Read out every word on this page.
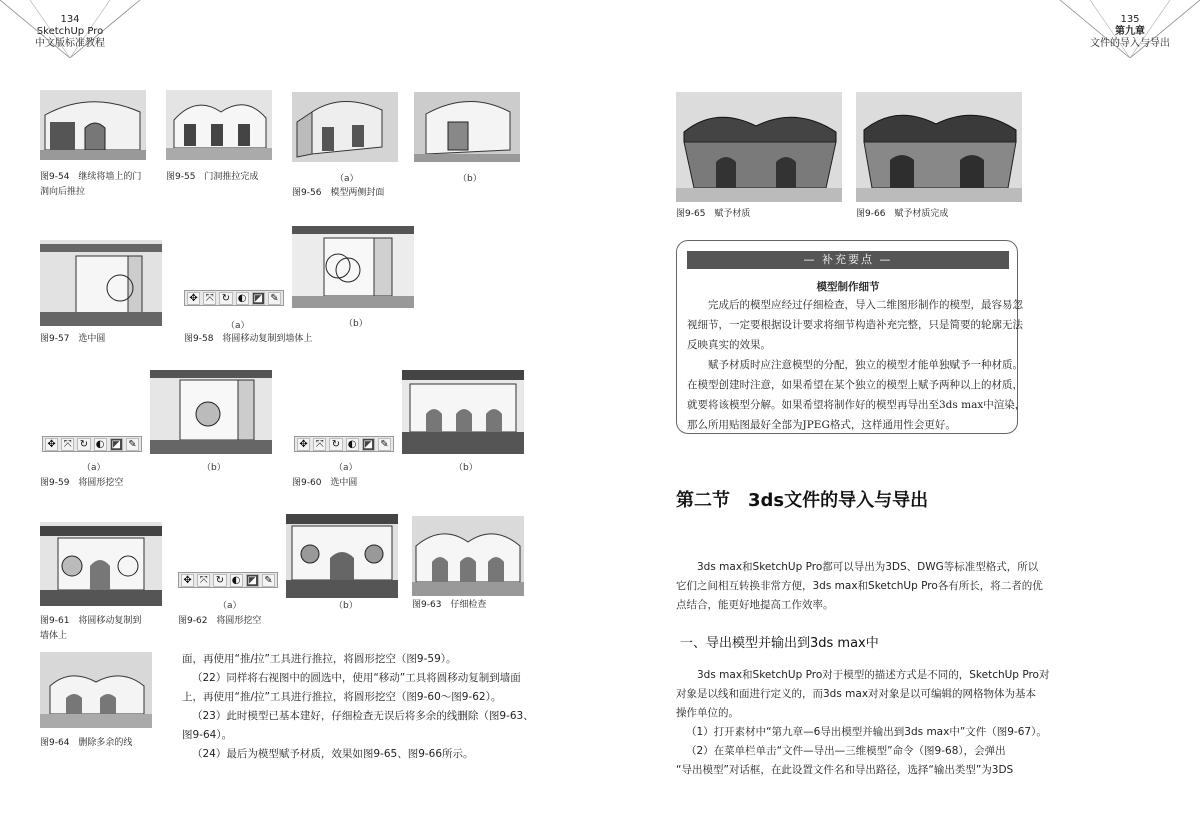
134
SketchUp Pro
中文版标准教程
135
第九章
文件的导入与导出
图9-54　继续将墙上的门
洞向后推拉
图9-55　门洞推拉完成	（a）	（b）
图9-56　模型两侧封面
图9-57　选中圆
✥ ⤧ ↻ ◐ ◪ ✎
（a）	（b）
图9-58　将圆移动复制到墙体上
✥ ⤧ ↻ ◐ ◪ ✎
（a）	（b）
图9-59　将圆形挖空
✥ ⤧ ↻ ◐ ◪ ✎
（a）	（b）
图9-60　选中圆
图9-61　将圆移动复制到
墙体上
✥ ⤧ ↻ ◐ ◪ ✎
（a）	（b）
图9-62　将圆形挖空
图9-63　仔细检查
图9-64　删除多余的线
面，再使用“推/拉”工具进行推拉，将圆形挖空（图9-59）。
（22）同样将右视图中的圆选中，使用“移动”工具将圆移动复制到墙面
上，再使用“推/拉”工具进行推拉，将圆形挖空（图9-60～图9-62）。
（23）此时模型已基本建好，仔细检查无误后将多余的线删除（图9-63、
图9-64）。
（24）最后为模型赋予材质，效果如图9-65、图9-66所示。
图9-65　赋予材质	图9-66　赋予材质完成
— 补充要点 —
模型制作细节
完成后的模型应经过仔细检查，导入二维图形制作的模型，最容易忽
视细节，一定要根据设计要求将细节构造补充完整，只是简要的轮廓无法
反映真实的效果。
赋予材质时应注意模型的分配，独立的模型才能单独赋予一种材质。
在模型创建时注意，如果希望在某个独立的模型上赋予两种以上的材质，
就要将该模型分解。如果希望将制作好的模型再导出至3ds max中渲染，
那么所用贴图最好全部为JPEG格式，这样通用性会更好。
第二节　3ds文件的导入与导出
3ds max和SketchUp Pro都可以导出为3DS、DWG等标准型格式，所以
它们之间相互转换非常方便，3ds max和SketchUp Pro各有所长，将二者的优
点结合，能更好地提高工作效率。
一、导出模型并输出到3ds max中
3ds max和SketchUp Pro对于模型的描述方式是不同的，SketchUp Pro对
对象是以线和面进行定义的，而3ds max对对象是以可编辑的网格物体为基本
操作单位的。
（1）打开素材中“第九章—6导出模型并输出到3ds max中”文件（图9-67）。
（2）在菜单栏单击“文件—导出—三维模型”命令（图9-68），会弹出
“导出模型”对话框，在此设置文件名和导出路径，选择“输出类型”为3DS
